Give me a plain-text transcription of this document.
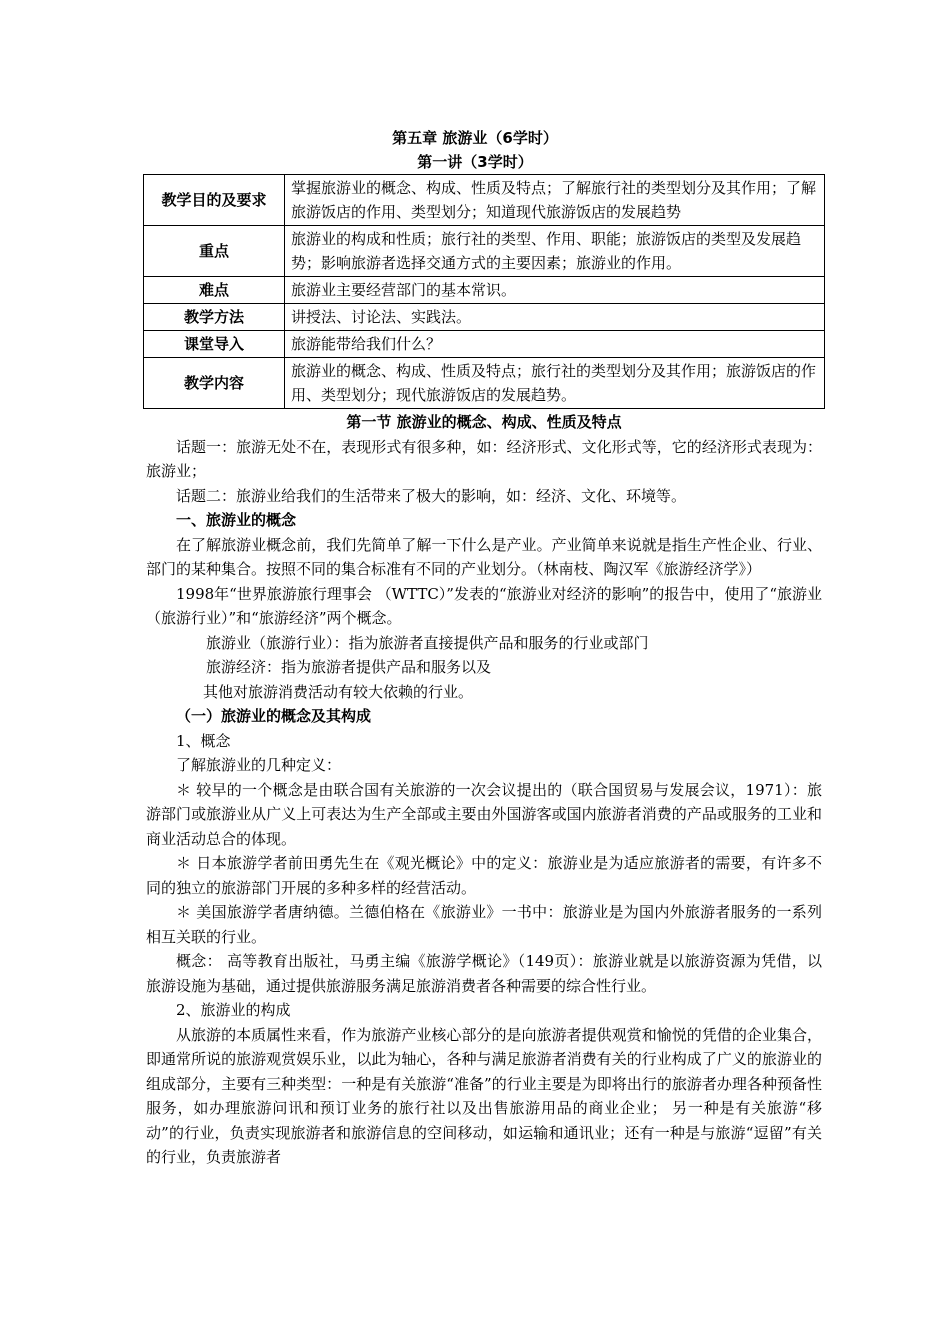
第五章 旅游业（6学时）
第一讲（3学时）
教学目的及要求	掌握旅游业的概念、构成、性质及特点；了解旅行社的类型划分及其作用；了解旅游饭店的作用、类型划分；知道现代旅游饭店的发展趋势
重点	旅游业的构成和性质；旅行社的类型、作用、职能；旅游饭店的类型及发展趋势；影响旅游者选择交通方式的主要因素；旅游业的作用。
难点	旅游业主要经营部门的基本常识。
教学方法	讲授法、讨论法、实践法。
课堂导入	旅游能带给我们什么？
教学内容	旅游业的概念、构成、性质及特点；旅行社的类型划分及其作用；旅游饭店的作用、类型划分；现代旅游饭店的发展趋势。

第一节 旅游业的概念、构成、性质及特点

话题一：旅游无处不在，表现形式有很多种，如：经济形式、文化形式等，它的经济形式表现为：旅游业；

话题二：旅游业给我们的生活带来了极大的影响，如：经济、文化、环境等。

一、旅游业的概念

在了解旅游业概念前，我们先简单了解一下什么是产业。产业简单来说就是指生产性企业、行业、部门的某种集合。按照不同的集合标准有不同的产业划分。（林南枝、陶汉军《旅游经济学》）

1998年“世界旅游旅行理事会 （WTTC）”发表的“旅游业对经济的影响”的报告中，使用了“旅游业（旅游行业）”和“旅游经济”两个概念。

旅游业（旅游行业）：指为旅游者直接提供产品和服务的行业或部门

旅游经济：指为旅游者提供产品和服务以及

其他对旅游消费活动有较大依赖的行业。

（一）旅游业的概念及其构成

1、概念

了解旅游业的几种定义：

＊ 较早的一个概念是由联合国有关旅游的一次会议提出的（联合国贸易与发展会议，1971）：旅游部门或旅游业从广义上可表达为生产全部或主要由外国游客或国内旅游者消费的产品或服务的工业和商业活动总合的体现。

＊ 日本旅游学者前田勇先生在《观光概论》中的定义：旅游业是为适应旅游者的需要，有许多不同的独立的旅游部门开展的多种多样的经营活动。

＊ 美国旅游学者唐纳德。兰德伯格在《旅游业》一书中：旅游业是为国内外旅游者服务的一系列相互关联的行业。

概念： 高等教育出版社，马勇主编《旅游学概论》（149页）：旅游业就是以旅游资源为凭借，以旅游设施为基础，通过提供旅游服务满足旅游消费者各种需要的综合性行业。

2、旅游业的构成

从旅游的本质属性来看，作为旅游产业核心部分的是向旅游者提供观赏和愉悦的凭借的企业集合，即通常所说的旅游观赏娱乐业，以此为轴心，各种与满足旅游者消费有关的行业构成了广义的旅游业的组成部分，主要有三种类型：一种是有关旅游“准备”的行业主要是为即将出行的旅游者办理各种预备性服务，如办理旅游问讯和预订业务的旅行社以及出售旅游用品的商业企业； 另一种是有关旅游“移动”的行业，负责实现旅游者和旅游信息的空间移动，如运输和通讯业；还有一种是与旅游“逗留”有关的行业，负责旅游者
